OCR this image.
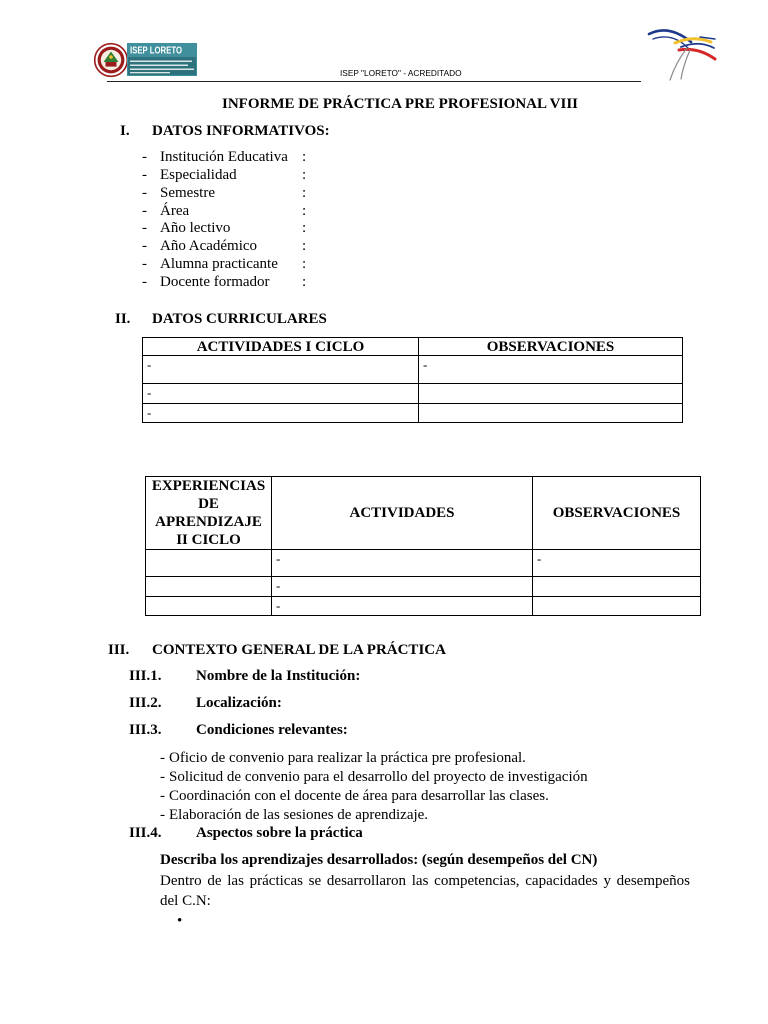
ISEP LORETO
ISEP "LORETO" - ACREDITADO
INFORME DE PRÁCTICA PRE PROFESIONAL VIII
I. DATOS INFORMATIVOS:
- Institución Educativa :
- Especialidad	:
- Semestre	:
- Área	:
- Año lectivo	:
- Año Académico	:
- Alumna practicante :
- Docente formador :
II. DATOS CURRICULARES
ACTIVIDADES I CICLO	OBSERVACIONES
-	-
-	
-	
EXPERIENCIAS DE APRENDIZAJE II CICLO	ACTIVIDADES	OBSERVACIONES
	-	-
	-	
	-	
III. CONTEXTO GENERAL DE LA PRÁCTICA
III.1. Nombre de la Institución:
III.2. Localización:
III.3. Condiciones relevantes:
- Oficio de convenio para realizar la práctica pre profesional.
- Solicitud de convenio para el desarrollo del proyecto de investigación
- Coordinación con el docente de área para desarrollar las clases.
- Elaboración de las sesiones de aprendizaje.
III.4. Aspectos sobre la práctica
Describa los aprendizajes desarrollados: (según desempeños del CN)
Dentro de las prácticas se desarrollaron las competencias, capacidades y desempeños del C.N:
•
